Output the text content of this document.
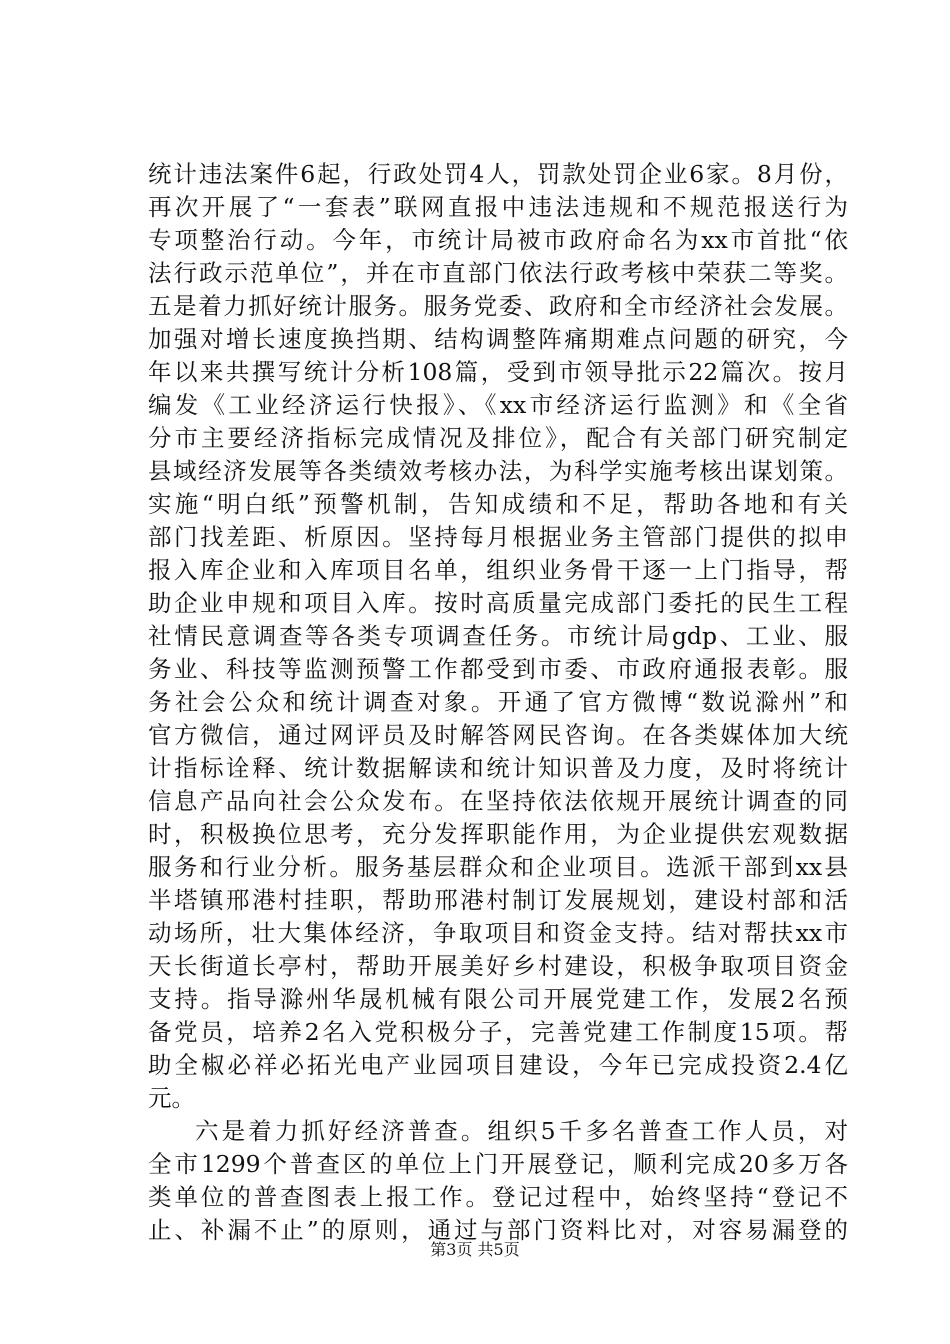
统计违法案件6起，行政处罚4人，罚款处罚企业6家。8月份，
再次开展了“一套表”联网直报中违法违规和不规范报送行为
专项整治行动。今年，市统计局被市政府命名为xx市首批“依
法行政示范单位”，并在市直部门依法行政考核中荣获二等奖。
五是着力抓好统计服务。服务党委、政府和全市经济社会发展。
加强对增长速度换挡期、结构调整阵痛期难点问题的研究，今
年以来共撰写统计分析108篇，受到市领导批示22篇次。按月
编发《工业经济运行快报》、《xx市经济运行监测》和《全省
分市主要经济指标完成情况及排位》，配合有关部门研究制定
县域经济发展等各类绩效考核办法，为科学实施考核出谋划策。
实施“明白纸”预警机制，告知成绩和不足，帮助各地和有关
部门找差距、析原因。坚持每月根据业务主管部门提供的拟申
报入库企业和入库项目名单，组织业务骨干逐一上门指导，帮
助企业申规和项目入库。按时高质量完成部门委托的民生工程
社情民意调查等各类专项调查任务。市统计局gdp、工业、服
务业、科技等监测预警工作都受到市委、市政府通报表彰。服
务社会公众和统计调查对象。开通了官方微博“数说滁州”和
官方微信，通过网评员及时解答网民咨询。在各类媒体加大统
计指标诠释、统计数据解读和统计知识普及力度，及时将统计
信息产品向社会公众发布。在坚持依法依规开展统计调查的同
时，积极换位思考，充分发挥职能作用，为企业提供宏观数据
服务和行业分析。服务基层群众和企业项目。选派干部到xx县
半塔镇邢港村挂职，帮助邢港村制订发展规划，建设村部和活
动场所，壮大集体经济，争取项目和资金支持。结对帮扶xx市
天长街道长亭村，帮助开展美好乡村建设，积极争取项目资金
支持。指导滁州华晟机械有限公司开展党建工作，发展2名预
备党员，培养2名入党积极分子，完善党建工作制度15项。帮
助全椒必祥必拓光电产业园项目建设，今年已完成投资2.4亿
元。
六是着力抓好经济普查。组织5千多名普查工作人员，对
全市1299个普查区的单位上门开展登记，顺利完成20多万各
类单位的普查图表上报工作。登记过程中，始终坚持“登记不
止、补漏不止”的原则，通过与部门资料比对，对容易漏登的
第3页 共5页
